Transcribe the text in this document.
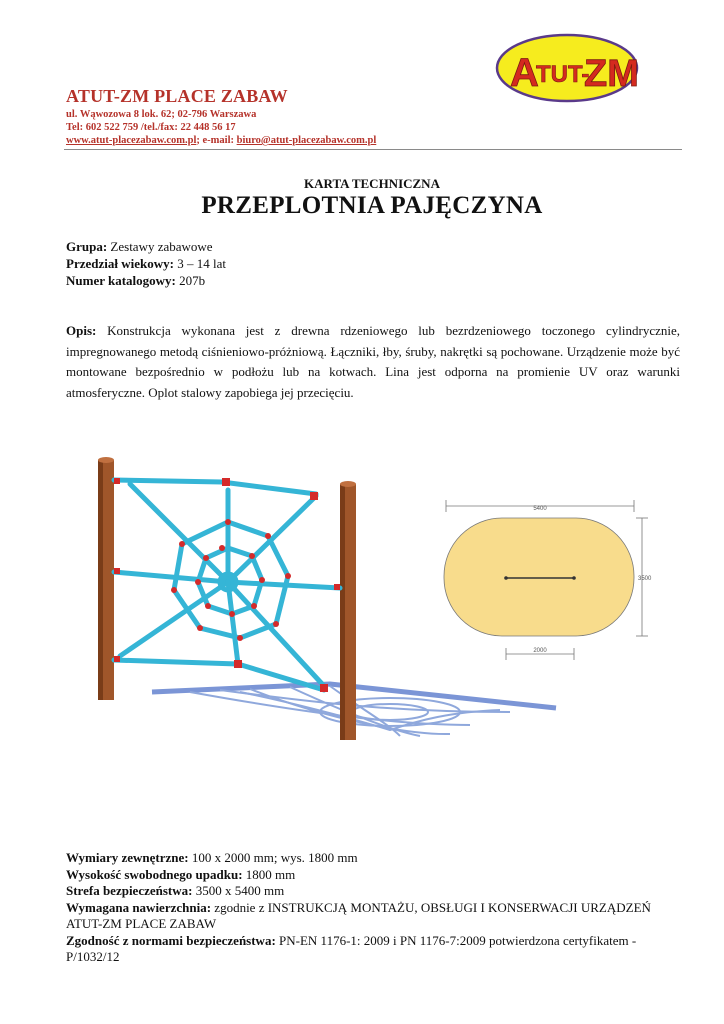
A
TUT-
ZM
ATUT-ZM PLACE ZABAW
ul. Wąwozowa 8 lok. 62; 02-796 Warszawa
Tel: 602 522 759 /tel./fax: 22 448 56 17
www.atut-placezabaw.com.pl; e-mail: biuro@atut-placezabaw.com.pl
KARTA TECHNICZNA
PRZEPLOTNIA PAJĘCZYNA
Grupa: Zestawy zabawowe
Przedział wiekowy: 3 – 14 lat
Numer katalogowy: 207b
Opis: Konstrukcja wykonana jest z drewna rdzeniowego lub bezrdzeniowego toczonego cylindrycznie, impregnowanego metodą ciśnieniowo-próżniową. Łączniki, łby, śruby, nakrętki są pochowane. Urządzenie może być montowane bezpośrednio w podłożu lub na kotwach. Lina jest odporna na promienie UV oraz warunki atmosferyczne. Oplot stalowy zapobiega jej przecięciu.
5400
3500
2000
Wymiary zewnętrzne: 100 x 2000 mm; wys. 1800 mm
Wysokość swobodnego upadku: 1800 mm
Strefa bezpieczeństwa: 3500 x 5400 mm
Wymagana nawierzchnia: zgodnie z INSTRUKCJĄ MONTAŻU, OBSŁUGI I KONSERWACJI URZĄDZEŃ ATUT-ZM PLACE ZABAW
Zgodność z normami bezpieczeństwa: PN-EN 1176-1: 2009 i PN 1176-7:2009 potwierdzona certyfikatem - P/1032/12
